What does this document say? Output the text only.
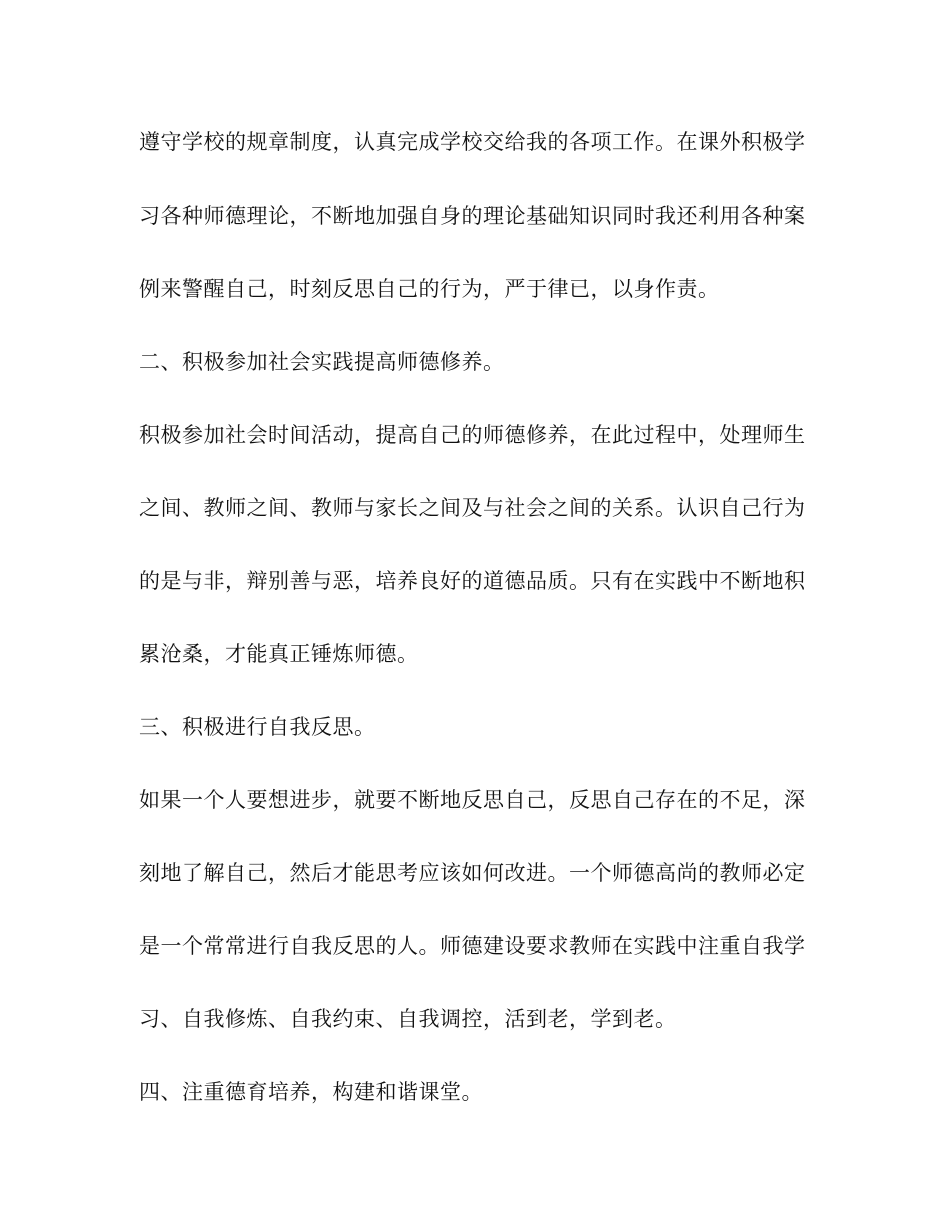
遵守学校的规章制度，认真完成学校交给我的各项工作。在课外积极学
习各种师德理论，不断地加强自身的理论基础知识同时我还利用各种案
例来警醒自己，时刻反思自己的行为，严于律已，以身作责。
二、积极参加社会实践提高师德修养。
积极参加社会时间活动，提高自己的师德修养，在此过程中，处理师生
之间、教师之间、教师与家长之间及与社会之间的关系。认识自己行为
的是与非，辩别善与恶，培养良好的道德品质。只有在实践中不断地积
累沧桑，才能真正锤炼师德。
三、积极进行自我反思。
如果一个人要想进步，就要不断地反思自己，反思自己存在的不足，深
刻地了解自己，然后才能思考应该如何改进。一个师德高尚的教师必定
是一个常常进行自我反思的人。师德建设要求教师在实践中注重自我学
习、自我修炼、自我约束、自我调控，活到老，学到老。
四、注重德育培养，构建和谐课堂。
